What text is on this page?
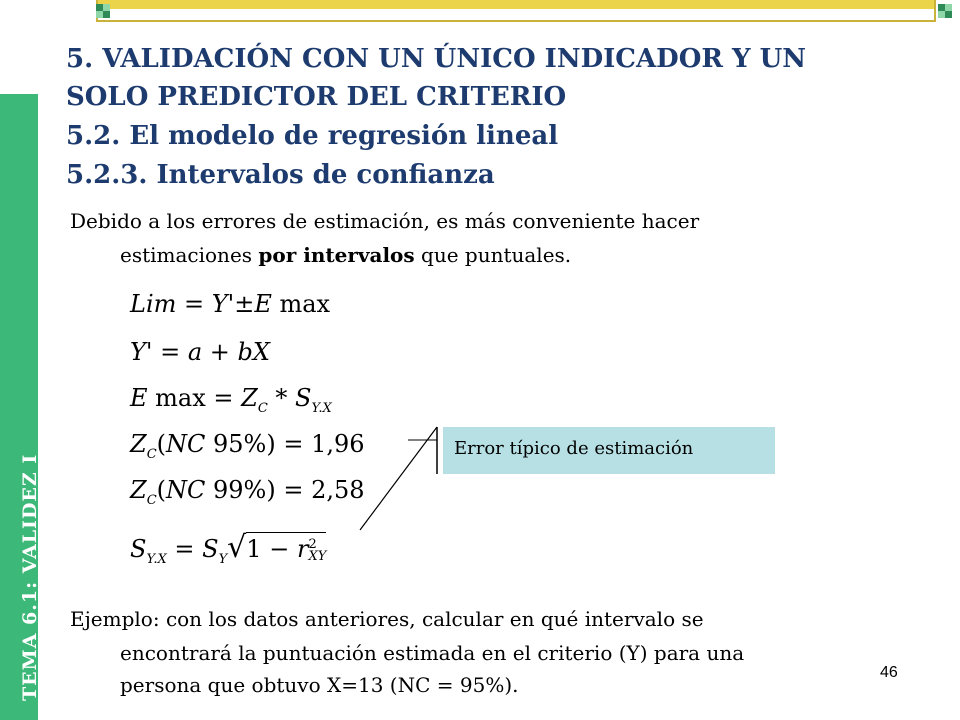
TEMA 6.1: VALIDEZ I
5. VALIDACIÓN CON UN ÚNICO INDICADOR Y UN
SOLO PREDICTOR DEL CRITERIO
5.2. El modelo de regresión lineal
5.2.3. Intervalos de confianza
Debido a los errores de estimación, es más conveniente hacer
estimaciones por intervalos que puntuales.
Lim = Y'±E max
Y' = a + bX
E $\max = Z_C * S_{Y.X}$
$Z_C(NC$ 95%) = 1,96
$Z_C(NC$ 99%) = 2,58
$S_{Y.X} = S_Y√1 - r$ 2
XY
Error típico de estimación
Ejemplo: con los datos anteriores, calcular en qué intervalo se
encontrará la puntuación estimada en el criterio (Y) para una
persona que obtuvo X=13 (NC = 95%).
46
